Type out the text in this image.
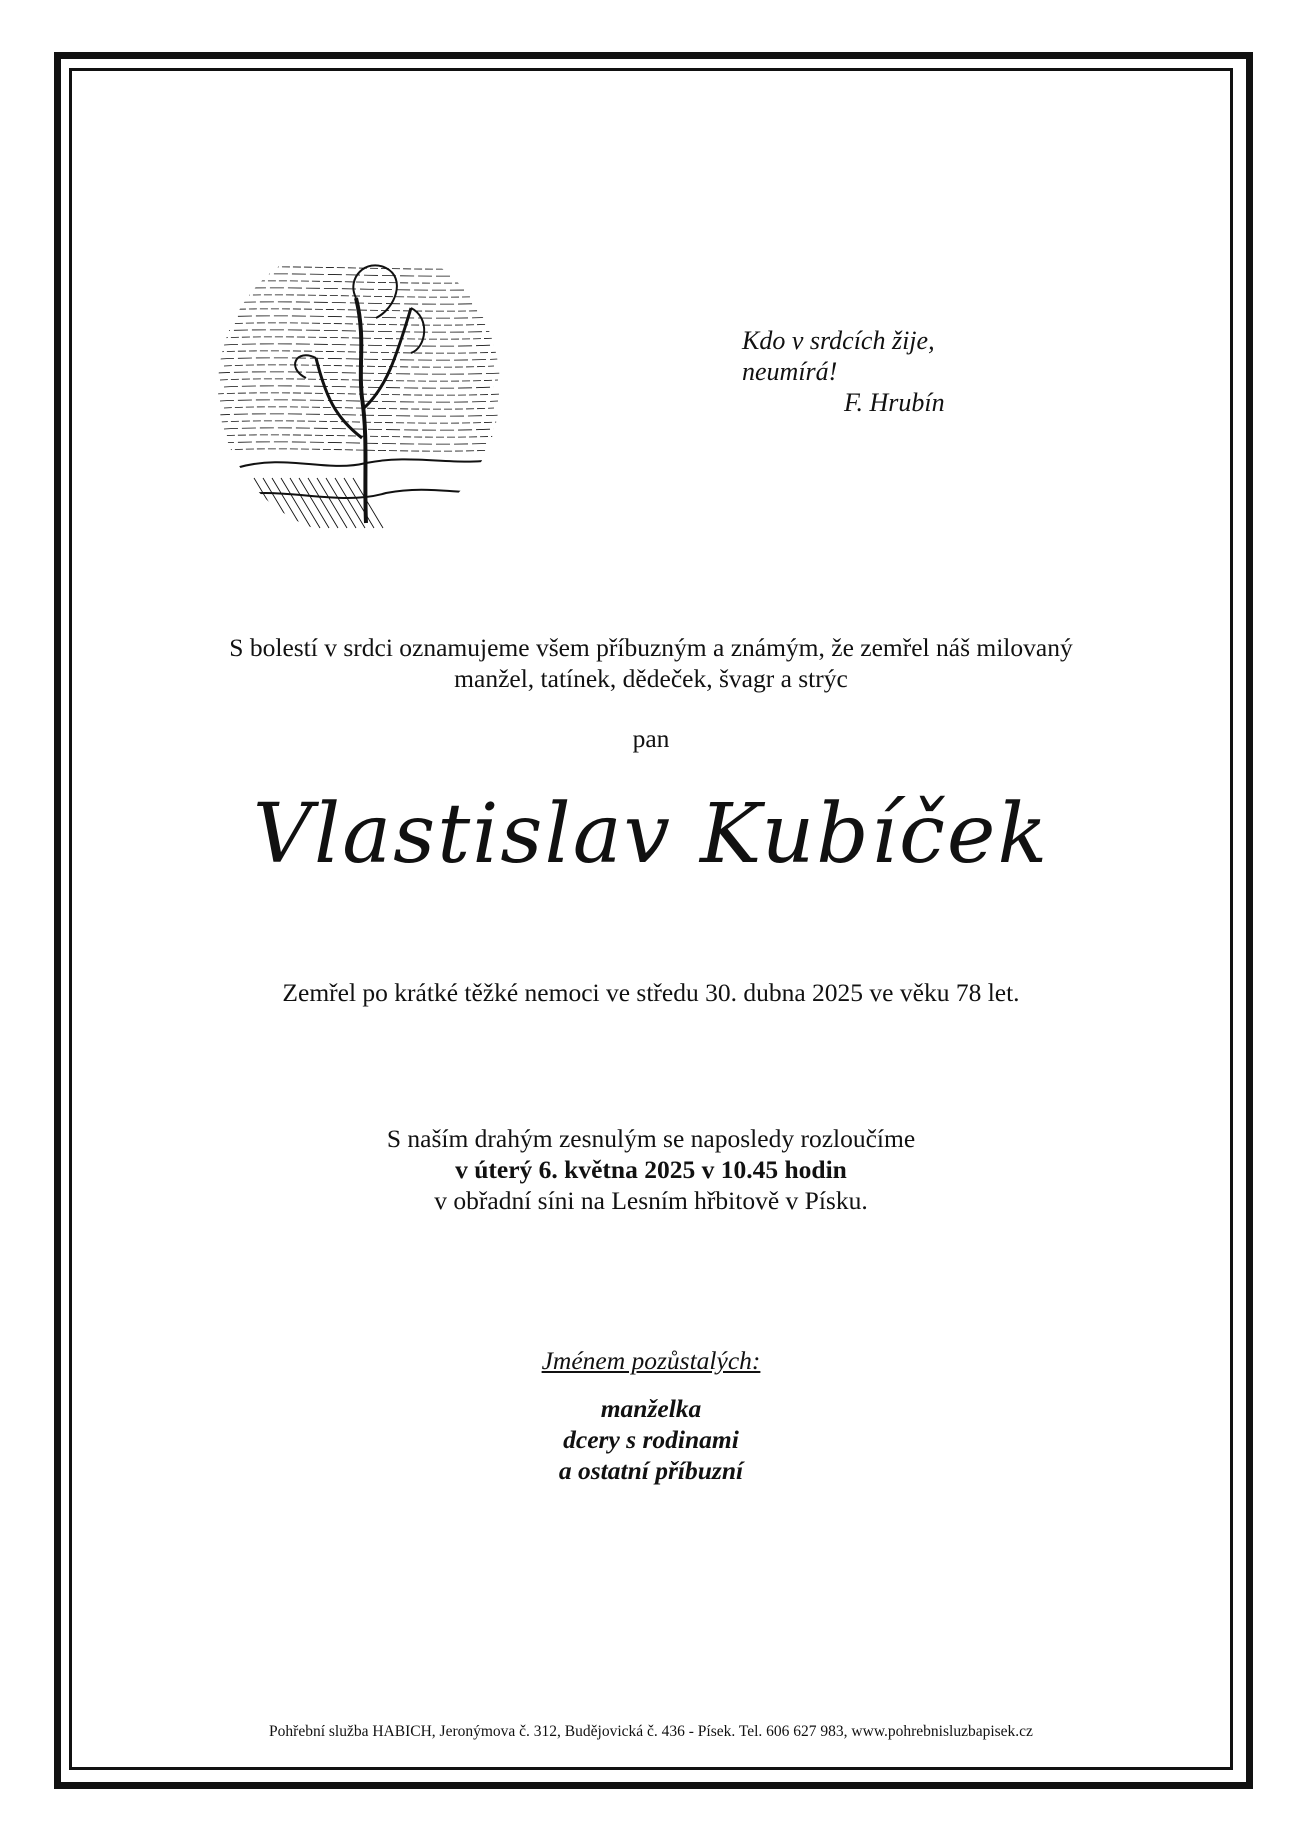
Kdo v srdcích žije,
neumírá!
F. Hrubín
S bolestí v srdci oznamujeme všem příbuzným a známým, že zemřel náš milovaný
manžel, tatínek, dědeček, švagr a strýc
pan
Vlastislav Kubíček
Zemřel po krátké těžké nemoci ve středu 30. dubna 2025 ve věku 78 let.
S naším drahým zesnulým se naposledy rozloučíme
v úterý 6. května 2025 v 10.45 hodin
v obřadní síni na Lesním hřbitově v Písku.
Jménem pozůstalých:
manželka
dcery s rodinami
a ostatní příbuzní
Pohřební služba HABICH, Jeronýmova č. 312, Budějovická č. 436 - Písek. Tel. 606 627 983, www.pohrebnisluzbapisek.cz
